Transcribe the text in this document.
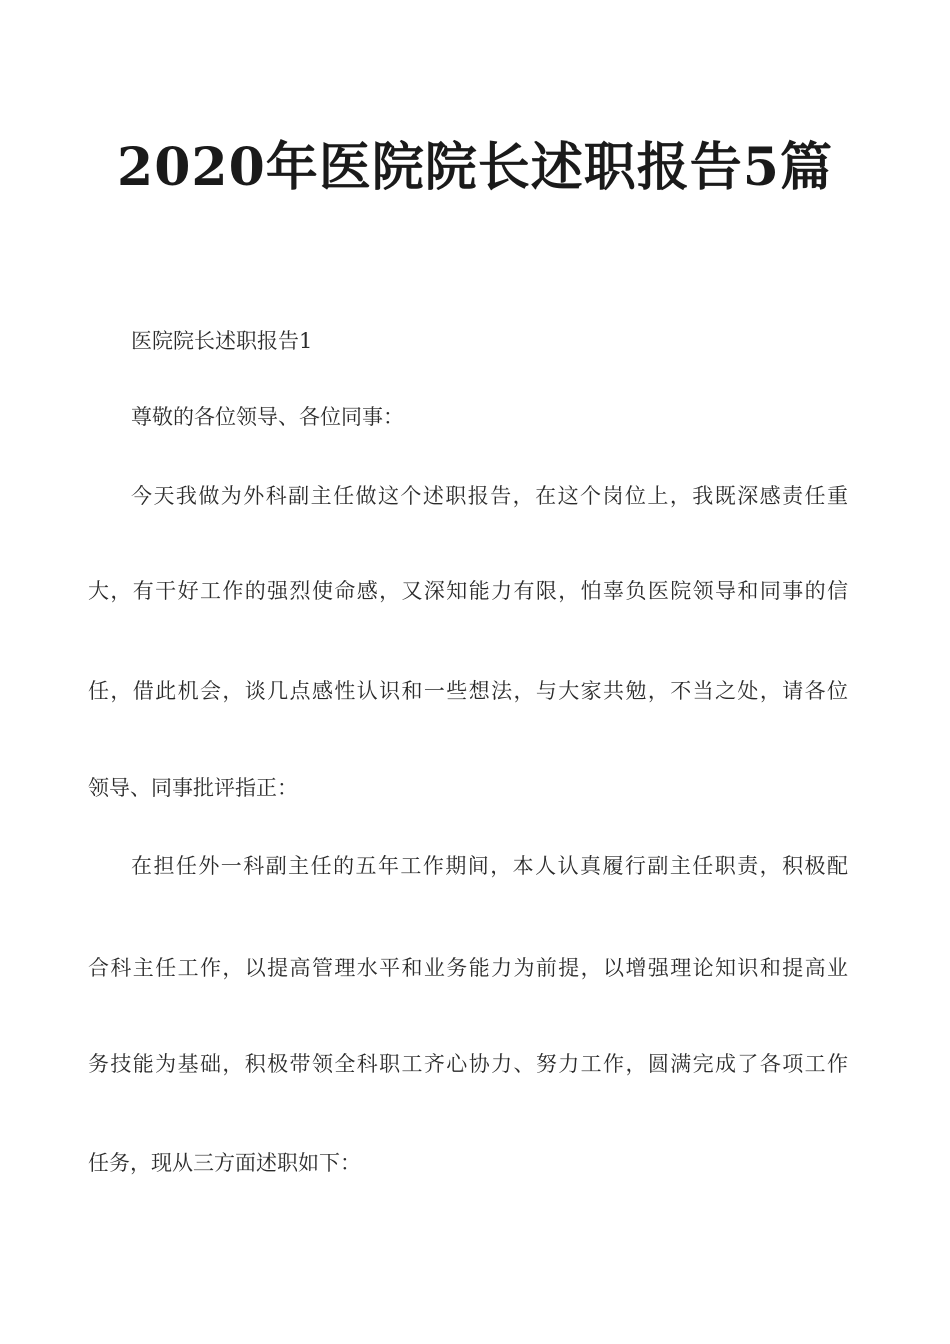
2020年医院院长述职报告5篇
医院院长述职报告1
尊敬的各位领导、各位同事：
今天我做为外科副主任做这个述职报告，在这个岗位上，我既深感责任重
大，有干好工作的强烈使命感，又深知能力有限，怕辜负医院领导和同事的信
任，借此机会，谈几点感性认识和一些想法，与大家共勉，不当之处，请各位
领导、同事批评指正：
在担任外一科副主任的五年工作期间，本人认真履行副主任职责，积极配
合科主任工作，以提高管理水平和业务能力为前提，以增强理论知识和提高业
务技能为基础，积极带领全科职工齐心协力、努力工作，圆满完成了各项工作
任务，现从三方面述职如下：
